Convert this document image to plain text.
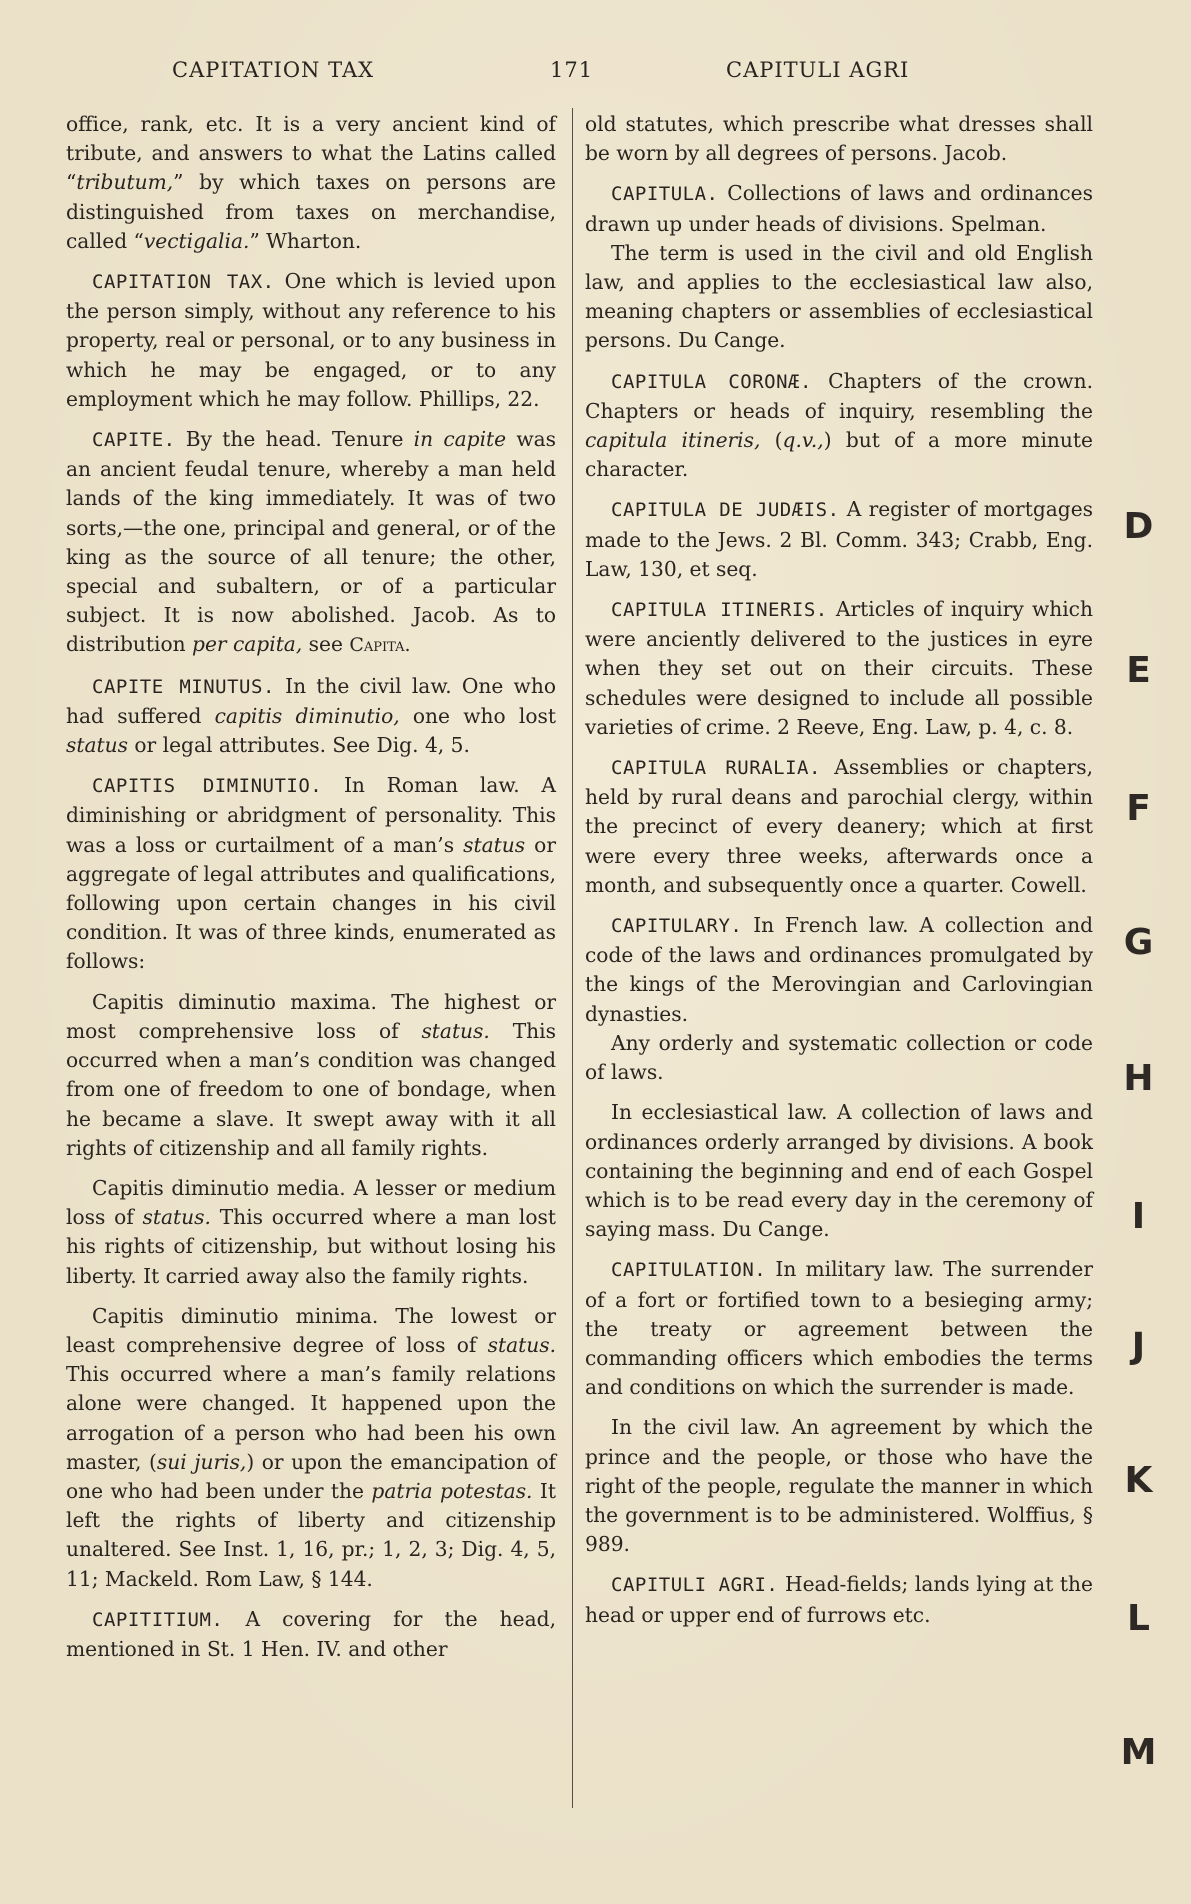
CAPITATION TAX	171	CAPITULI AGRI

office, rank, etc. It is a very ancient kind of tribute, and answers to what the Latins called “tributum,” by which taxes on persons are distinguished from taxes on merchandise, called “vectigalia.” Wharton.

CAPITATION TAX. One which is levied upon the person simply, without any reference to his property, real or personal, or to any business in which he may be engaged, or to any employment which he may follow. Phillips, 22.

CAPITE. By the head. Tenure in capite was an ancient feudal tenure, whereby a man held lands of the king immediately. It was of two sorts,—the one, principal and general, or of the king as the source of all tenure; the other, special and subaltern, or of a particular subject. It is now abolished. Jacob. As to distribution per capita, see Capita.

CAPITE MINUTUS. In the civil law. One who had suffered capitis diminutio, one who lost status or legal attributes. See Dig. 4, 5.

CAPITIS DIMINUTIO. In Roman law. A diminishing or abridgment of personality. This was a loss or curtailment of a man’s status or aggregate of legal attributes and qualifications, following upon certain changes in his civil condition. It was of three kinds, enumerated as follows:

Capitis diminutio maxima. The highest or most comprehensive loss of status. This occurred when a man’s condition was changed from one of freedom to one of bondage, when he became a slave. It swept away with it all rights of citizenship and all family rights.

Capitis diminutio media. A lesser or medium loss of status. This occurred where a man lost his rights of citizenship, but without losing his liberty. It carried away also the family rights.

Capitis diminutio minima. The lowest or least comprehensive degree of loss of status. This occurred where a man’s family relations alone were changed. It happened upon the arrogation of a person who had been his own master, (sui juris,) or upon the emancipation of one who had been under the patria potestas. It left the rights of liberty and citizenship unaltered. See Inst. 1, 16, pr.; 1, 2, 3; Dig. 4, 5, 11; Mackeld. Rom Law, § 144.

CAPITITIUM. A covering for the head, mentioned in St. 1 Hen. IV. and other

old statutes, which prescribe what dresses shall be worn by all degrees of persons. Jacob.

CAPITULA. Collections of laws and ordinances drawn up under heads of divisions. Spelman.

The term is used in the civil and old English law, and applies to the ecclesiastical law also, meaning chapters or assemblies of ecclesiastical persons. Du Cange.

CAPITULA CORONÆ. Chapters of the crown. Chapters or heads of inquiry, resembling the capitula itineris, (q.v.,) but of a more minute character.

CAPITULA DE JUDÆIS. A register of mortgages made to the Jews. 2 Bl. Comm. 343; Crabb, Eng. Law, 130, et seq.

CAPITULA ITINERIS. Articles of inquiry which were anciently delivered to the justices in eyre when they set out on their circuits. These schedules were designed to include all possible varieties of crime. 2 Reeve, Eng. Law, p. 4, c. 8.

CAPITULA RURALIA. Assemblies or chapters, held by rural deans and parochial clergy, within the precinct of every deanery; which at first were every three weeks, afterwards once a month, and subsequently once a quarter. Cowell.

CAPITULARY. In French law. A collection and code of the laws and ordinances promulgated by the kings of the Merovingian and Carlovingian dynasties.

Any orderly and systematic collection or code of laws.

In ecclesiastical law. A collection of laws and ordinances orderly arranged by divisions. A book containing the beginning and end of each Gospel which is to be read every day in the ceremony of saying mass. Du Cange.

CAPITULATION. In military law. The surrender of a fort or fortified town to a besieging army; the treaty or agreement between the commanding officers which embodies the terms and conditions on which the surrender is made.

In the civil law. An agreement by which the prince and the people, or those who have the right of the people, regulate the manner in which the government is to be administered. Wolffius, § 989.

CAPITULI AGRI. Head-fields; lands lying at the head or upper end of furrows etc.

D
E
F
G
H
I
J
K
L
M
